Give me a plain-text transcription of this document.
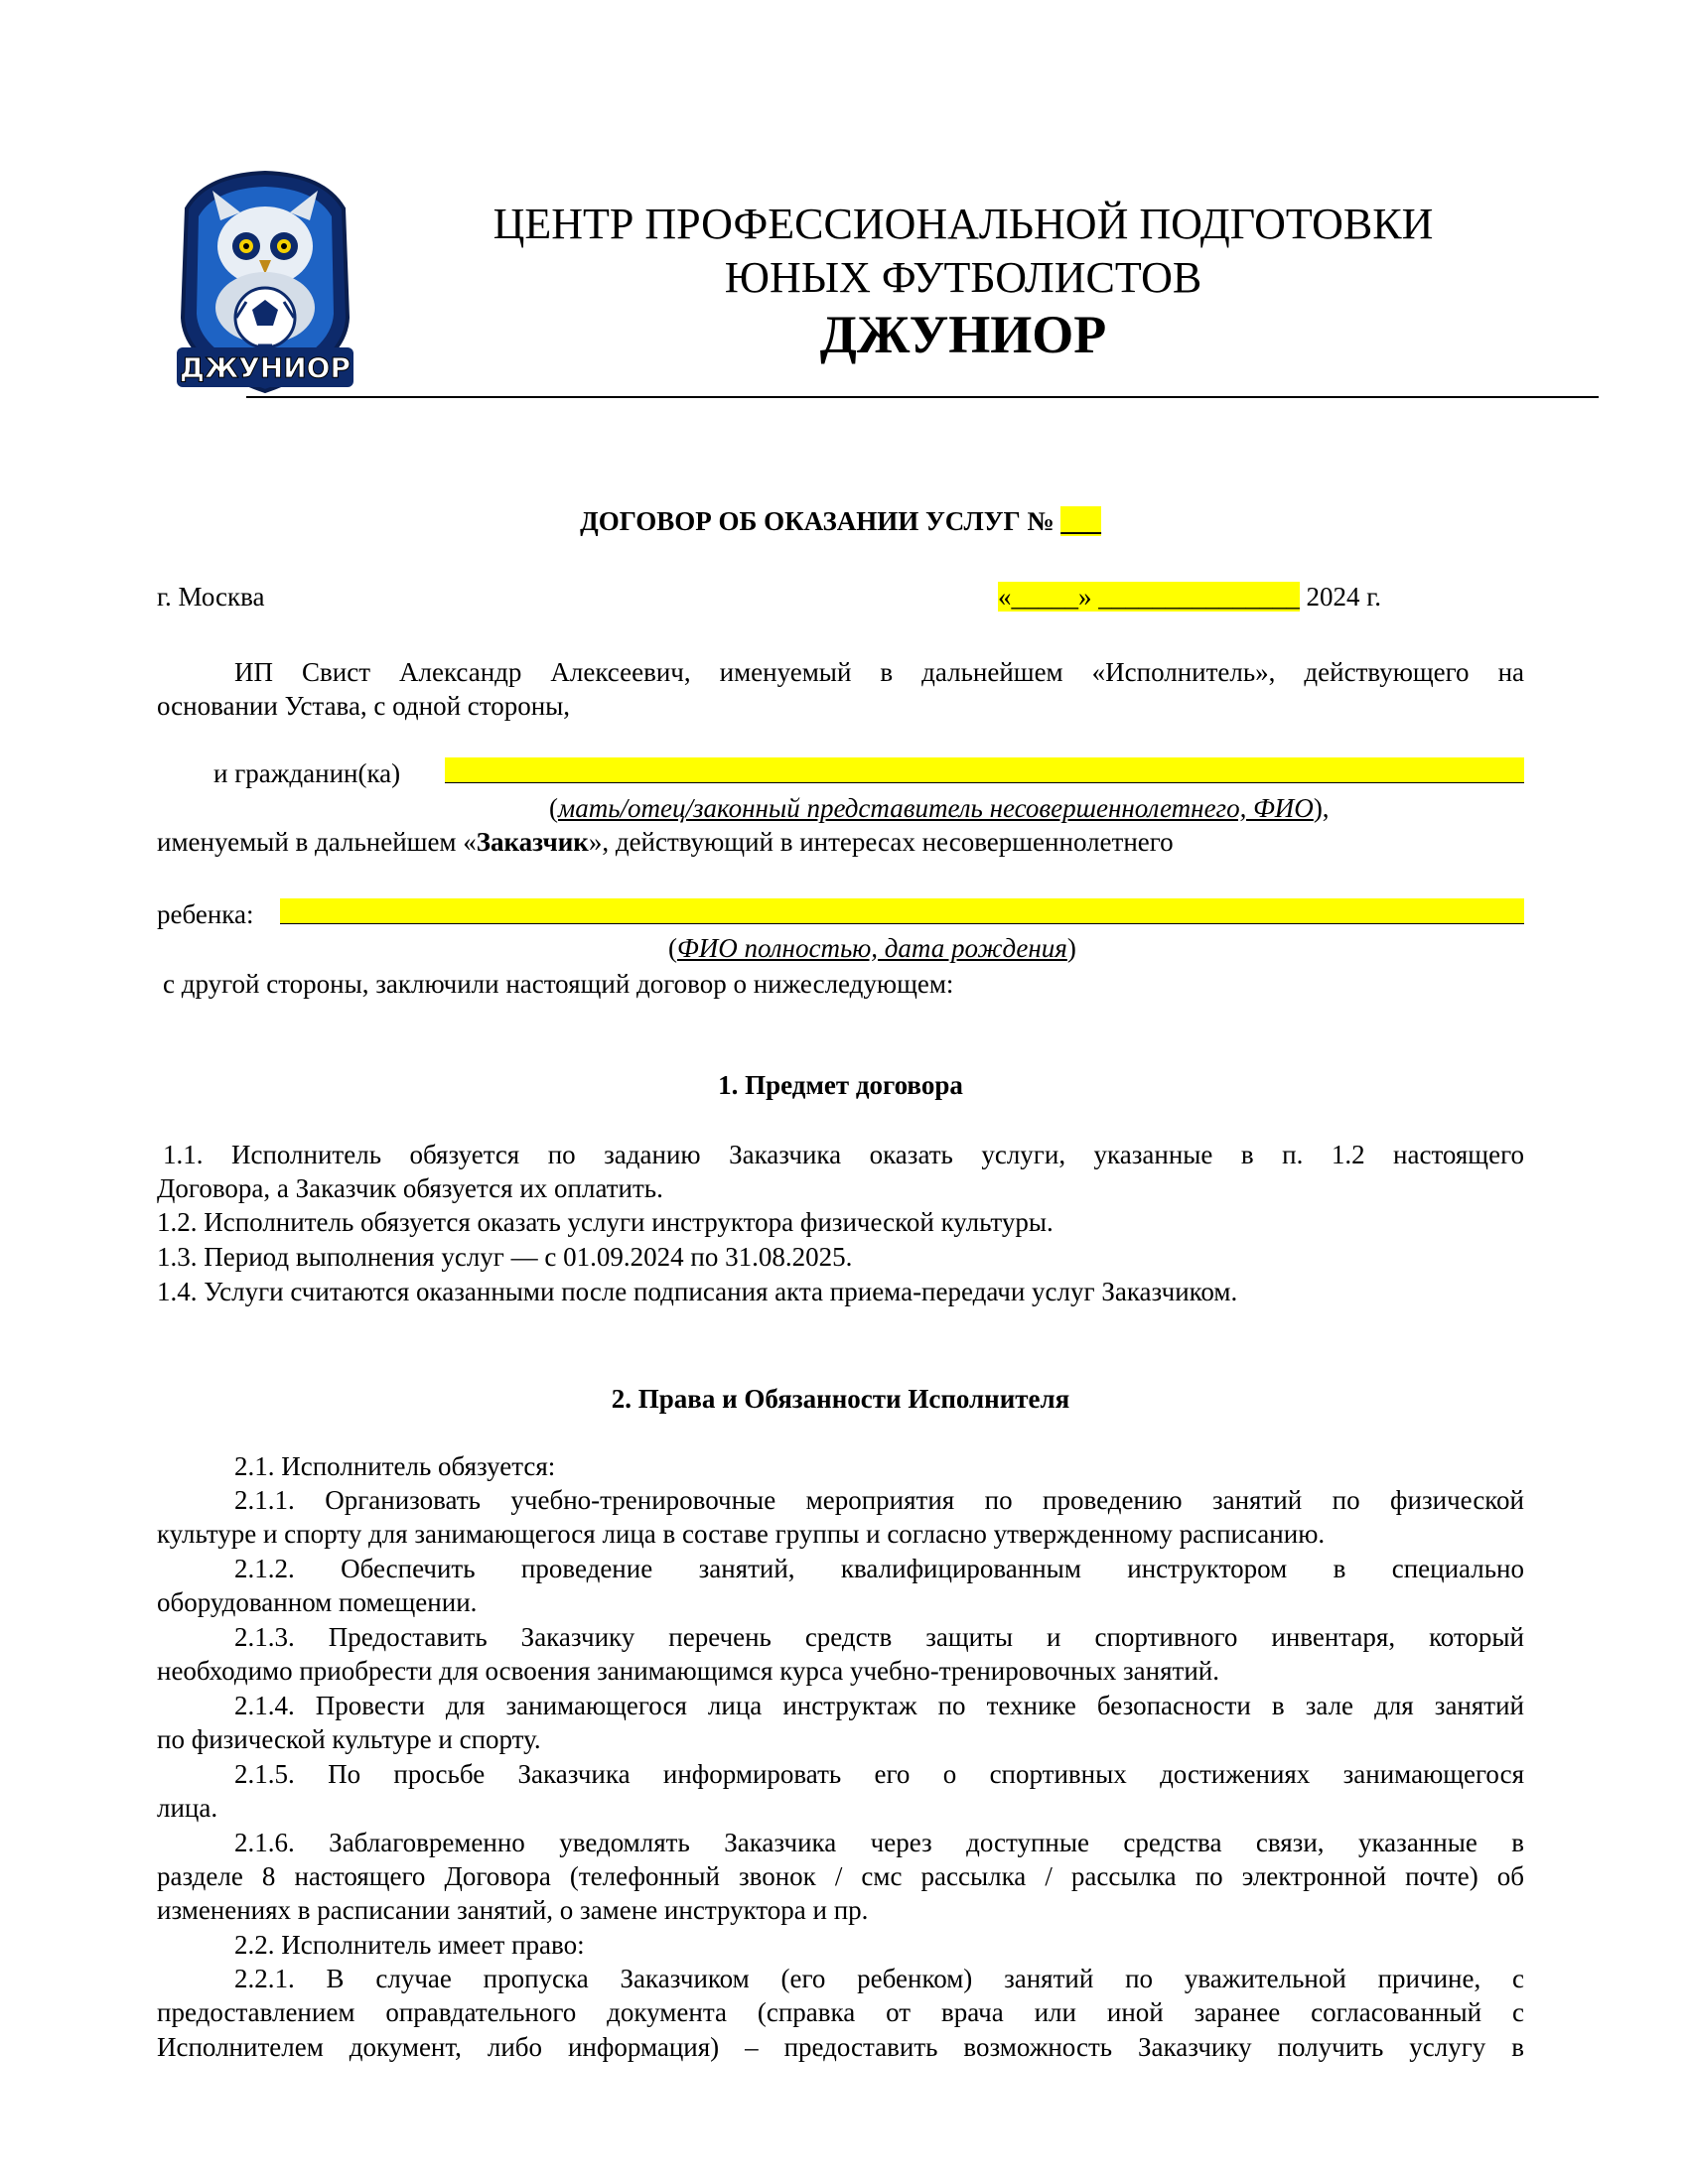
ДЖУНИОР
ЦЕНТР ПРОФЕССИОНАЛЬНОЙ ПОДГОТОВКИ
ЮНЫХ ФУТБОЛИСТОВ
ДЖУНИОР
ДОГОВОР ОБ ОКАЗАНИИ УСЛУГ № ___
г. Москва	«_____» _______________ 2024 г.
ИП Свист Александр Алексеевич, именуемый в дальнейшем «Исполнитель», действующего на
основании Устава, с одной стороны,
и гражданин(ка)
(мать/отец/законный представитель несовершеннолетнего, ФИО),
именуемый в дальнейшем «Заказчик», действующий в интересах несовершеннолетнего
ребенка:
(ФИО полностью, дата рождения)
с другой стороны, заключили настоящий договор о нижеследующем:
1. Предмет договора
1.1. Исполнитель обязуется по заданию Заказчика оказать услуги, указанные в п. 1.2 настоящего
Договора, а Заказчик обязуется их оплатить.
1.2. Исполнитель обязуется оказать услуги инструктора физической культуры.
1.3. Период выполнения услуг — с 01.09.2024 по 31.08.2025.
1.4. Услуги считаются оказанными после подписания акта приема-передачи услуг Заказчиком.
2. Права и Обязанности Исполнителя
2.1. Исполнитель обязуется:
2.1.1. Организовать учебно-тренировочные мероприятия по проведению занятий по физической
культуре и спорту для занимающегося лица в составе группы и согласно утвержденному расписанию.
2.1.2. Обеспечить проведение занятий, квалифицированным инструктором в специально
оборудованном помещении.
2.1.3. Предоставить Заказчику перечень средств защиты и спортивного инвентаря, который
необходимо приобрести для освоения занимающимся курса учебно-тренировочных занятий.
2.1.4. Провести для занимающегося лица инструктаж по технике безопасности в зале для занятий
по физической культуре и спорту.
2.1.5. По просьбе Заказчика информировать его о спортивных достижениях занимающегося
лица.
2.1.6. Заблаговременно уведомлять Заказчика через доступные средства связи, указанные в
разделе 8 настоящего Договора (телефонный звонок / смс рассылка / рассылка по электронной почте) об
изменениях в расписании занятий, о замене инструктора и пр.
2.2. Исполнитель имеет право:
2.2.1. В случае пропуска Заказчиком (его ребенком) занятий по уважительной причине, с
предоставлением оправдательного документа (справка от врача или иной заранее согласованный с
Исполнителем документ, либо информация) – предоставить возможность Заказчику получить услугу в
